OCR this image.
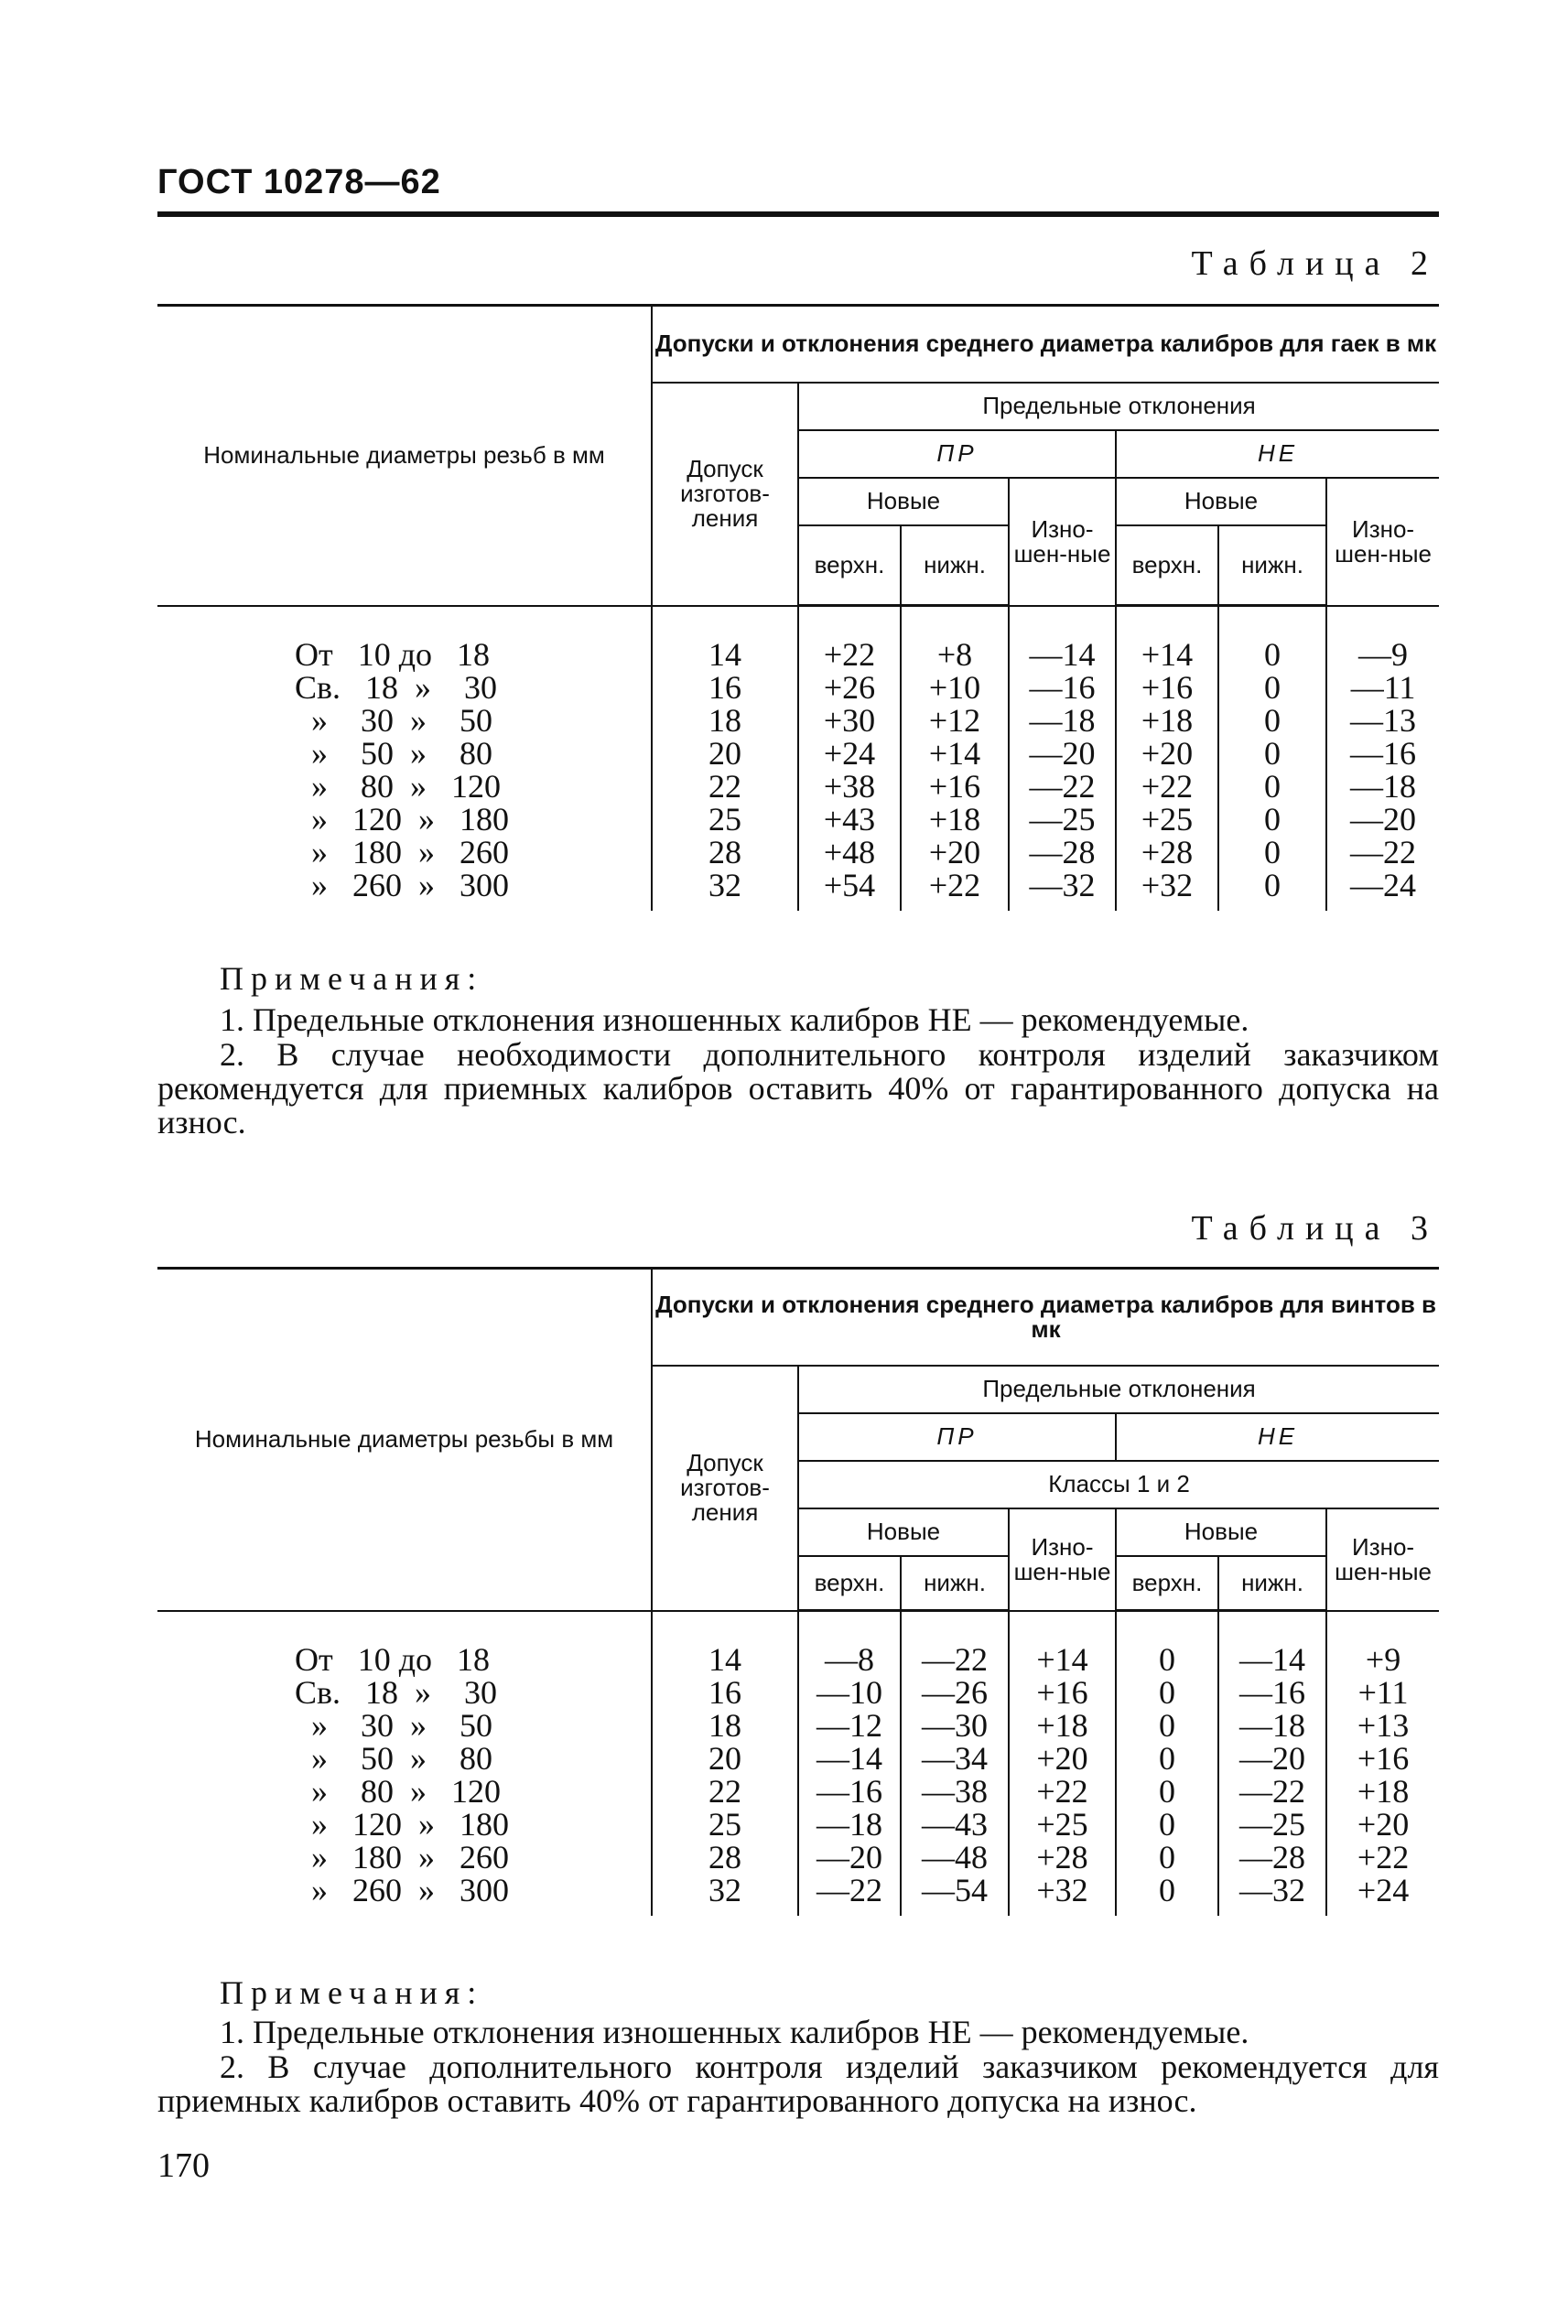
ГОСТ 10278—62
Таблица 2
Номинальные диаметры резьб в мм	Допуски и отклонения среднего диаметра калибров для гаек в мк						
	Допуск изготов-ления	Предельные отклонения					
		ПР			НЕ		
		Новые		Изно-шен-ные	Новые		Изно-шен-ные
		верхн.	нижн.		верхн.	нижн.	

От   10 до   18	14	+22	+8	—14	+14	0	—9
Св.   18  »    30	16	+26	+10	—16	+16	0	—11
»    30  »    50	18	+30	+12	—18	+18	0	—13
»    50  »    80	20	+24	+14	—20	+20	0	—16
»    80  »   120	22	+38	+16	—22	+22	0	—18
»   120  »   180	25	+43	+18	—25	+25	0	—20
»   180  »   260	28	+48	+20	—28	+28	0	—22
»   260  »   300	32	+54	+22	—32	+32	0	—24

Примечания:
1. Предельные отклонения изношенных калибров НЕ — рекомендуемые.
2. В случае необходимости дополнительного контроля изделий заказчиком рекомендуется для приемных калибров оставить 40% от гарантированного допуска на износ.
Таблица 3
Номинальные диаметры резьбы в мм	Допуски и отклонения среднего диаметра калибров для винтов в мк						
	Допуск изготов-ления	Предельные отклонения					
		ПР			НЕ		
		Классы 1 и 2					
		Новые		Изно-шен-ные	Новые		Изно-шен-ные
		верхн.	нижн.		верхн.	нижн.	

От   10 до   18	14	—8	—22	+14	0	—14	+9
Св.   18  »    30	16	—10	—26	+16	0	—16	+11
»    30  »    50	18	—12	—30	+18	0	—18	+13
»    50  »    80	20	—14	—34	+20	0	—20	+16
»    80  »   120	22	—16	—38	+22	0	—22	+18
»   120  »   180	25	—18	—43	+25	0	—25	+20
»   180  »   260	28	—20	—48	+28	0	—28	+22
»   260  »   300	32	—22	—54	+32	0	—32	+24

Примечания:
1. Предельные отклонения изношенных калибров НЕ — рекомендуемые.
2. В случае дополнительного контроля изделий заказчиком рекомендуется для приемных калибров оставить 40% от гарантированного допуска на износ.
170
